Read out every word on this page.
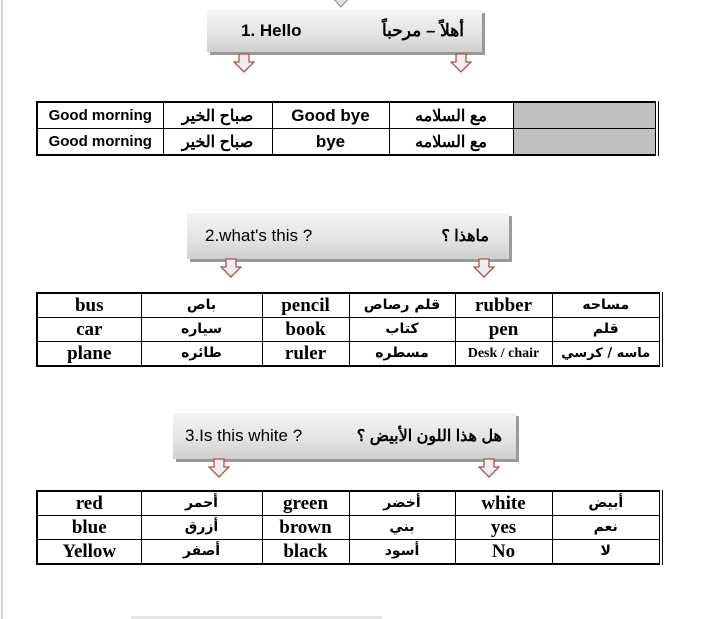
1. Hello	أهلاً – مرحباً
Good morning	صباح الخير	Good bye	مع السلامه	
Good morning	صباح الخير	bye	مع السلامه	
2.what's this ?	ماهذا ؟
bus	باص	pencil	قلم رصاص	rubber	مساحه
car	سياره	book	كتاب	pen	قلم
plane	طائره	ruler	مسطره	Desk / chair	ماسه / كرسي
3.Is this white ?	هل هذا اللون الأبيض ؟
red	أحمر	green	أخضر	white	أبيض
blue	أزرق	brown	بني	yes	نعم
Yellow	أصفر	black	أسود	No	لا
